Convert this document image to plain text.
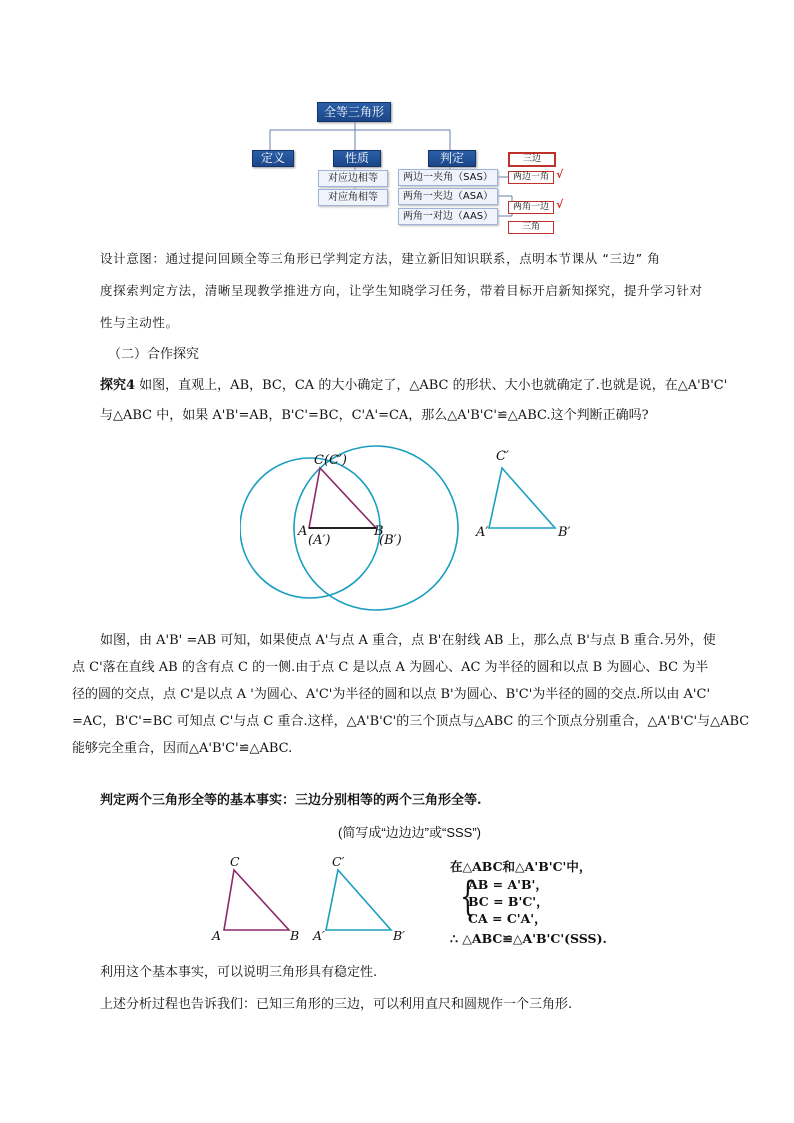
全等三角形
定义	性质	判定
对应边相等
对应角相等
两边一夹角（SAS）
两角一夹边（ASA）
两角一对边（AAS）
三边
两边一角 √
两角一边 √
三角
设计意图：通过提问回顾全等三角形已学判定方法，建立新旧知识联系，点明本节课从 “三边” 角
度探索判定方法，清晰呈现教学推进方向，让学生知晓学习任务，带着目标开启新知探究，提升学习针对
性与主动性。
（二）合作探究
探究4 如图，直观上，AB，BC，CA 的大小确定了，△ABC 的形状、大小也就确定了.也就是说，在△A'B'C'
与△ABC 中，如果 A'B'=AB，B'C'=BC，C'A'=CA，那么△A'B'C'≌△ABC.这个判断正确吗?
C(C′)
A
(A′)
B
(B′)
C′
A′	B′
如图，由 A'B' =AB 可知，如果使点 A'与点 A 重合，点 B'在射线 AB 上，那么点 B'与点 B 重合.另外，使
点 C'落在直线 AB 的含有点 C 的一侧.由于点 C 是以点 A 为圆心、AC 为半径的圆和以点 B 为圆心、BC 为半
径的圆的交点，点 C'是以点 A '为圆心、A'C'为半径的圆和以点 B'为圆心、B'C'为半径的圆的交点.所以由 A'C'
=AC，B'C'=BC 可知点 C'与点 C 重合.这样，△A'B'C'的三个顶点与△ABC 的三个顶点分别重合，△A'B'C'与△ABC
能够完全重合，因而△A'B'C'≌△ABC.
判定两个三角形全等的基本事实：三边分别相等的两个三角形全等.
(简写成“边边边”或“SSS”)
C
A	B
C′
A′	B′
在△ABC和△A'B'C'中，
{
AB = A'B'，
BC = B'C'，
CA = C'A'，
∴ △ABC≌△A'B'C'(SSS).
利用这个基本事实，可以说明三角形具有稳定性.
上述分析过程也告诉我们：已知三角形的三边，可以利用直尺和圆规作一个三角形.
